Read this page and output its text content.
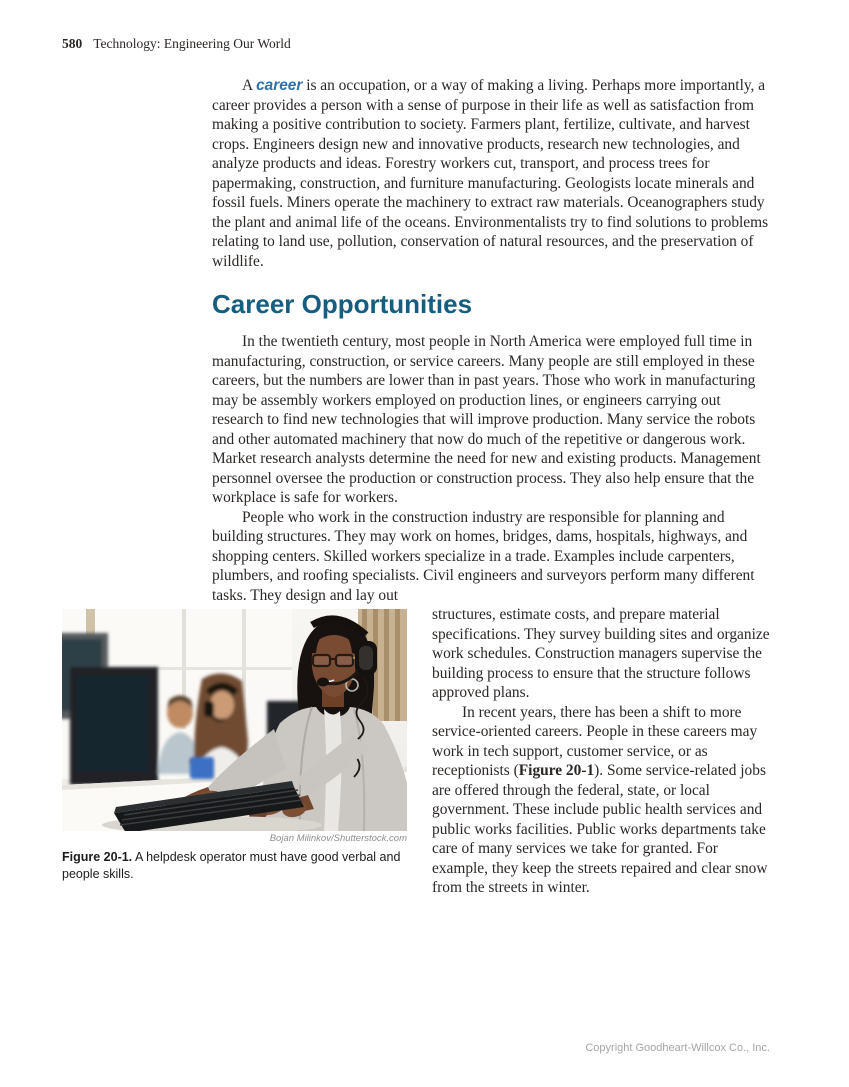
580 Technology: Engineering Our World

A career is an occupation, or a way of making a living. Perhaps more importantly, a career provides a person with a sense of purpose in their life as well as satisfaction from making a positive contribution to society. Farmers plant, fertilize, cultivate, and harvest crops. Engineers design new and innovative products, research new technologies, and analyze products and ideas. Forestry workers cut, transport, and process trees for papermaking, construction, and furniture manufacturing. Geologists locate minerals and fossil fuels. Miners operate the machinery to extract raw materials. Oceanographers study the plant and animal life of the oceans. Environmentalists try to find solutions to problems relating to land use, pollution, conservation of natural resources, and the preservation of wildlife.

Career Opportunities

In the twentieth century, most people in North America were employed full time in manufacturing, construction, or service careers. Many people are still employed in these careers, but the numbers are lower than in past years. Those who work in manufacturing may be assembly workers employed on production lines, or engineers carrying out research to find new technologies that will improve production. Many service the robots and other automated machinery that now do much of the repetitive or dangerous work. Market research analysts determine the need for new and existing products. Management personnel oversee the production or construction process. They also help ensure that the workplace is safe for workers.

People who work in the construction industry are responsible for planning and building structures. They may work on homes, bridges, dams, hospitals, highways, and shopping centers. Skilled workers specialize in a trade. Examples include carpenters, plumbers, and roofing specialists. Civil engineers and surveyors perform many different tasks. They design and lay out

Bojan Milinkov/Shutterstock.com
Figure 20-1. A helpdesk operator must have good verbal and people skills.
structures, estimate costs, and prepare material specifications. They survey building sites and organize work schedules. Construction managers supervise the building process to ensure that the structure follows approved plans.

In recent years, there has been a shift to more service-oriented careers. People in these careers may work in tech support, customer service, or as receptionists (Figure 20-1). Some service-related jobs are offered through the federal, state, or local government. These include public health services and public works facilities. Public works departments take care of many services we take for granted. For example, they keep the streets repaired and clear snow from the streets in winter.

Copyright Goodheart-Willcox Co., Inc.
